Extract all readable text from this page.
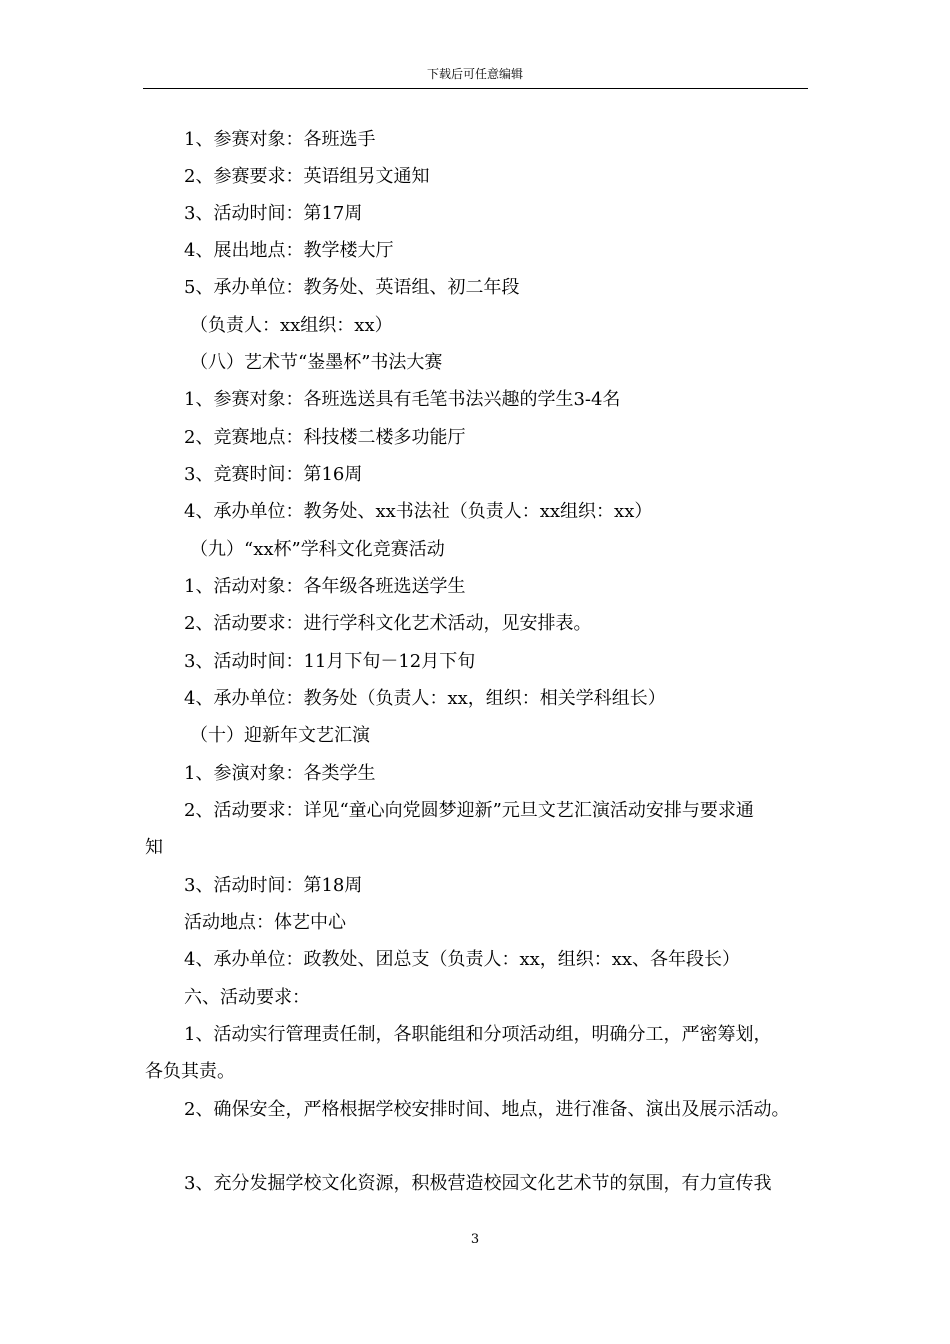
下载后可任意编辑
1、参赛对象：各班选手
2、参赛要求：英语组另文通知
3、活动时间：第17周
4、展出地点：教学楼大厅
5、承办单位：教务处、英语组、初二年段
（负责人：xx组织：xx）
（八）艺术节“崟墨杯”书法大赛
1、参赛对象：各班选送具有毛笔书法兴趣的学生3-4名
2、竞赛地点：科技楼二楼多功能厅
3、竞赛时间：第16周
4、承办单位：教务处、xx书法社（负责人：xx组织：xx）
（九）“xx杯”学科文化竞赛活动
1、活动对象：各年级各班选送学生
2、活动要求：进行学科文化艺术活动，见安排表。
3、活动时间：11月下旬－12月下旬
4、承办单位：教务处（负责人：xx，组织：相关学科组长）
（十）迎新年文艺汇演
1、参演对象：各类学生
2、活动要求：详见“童心向党圆梦迎新”元旦文艺汇演活动安排与要求通
知
3、活动时间：第18周
活动地点：体艺中心
4、承办单位：政教处、团总支（负责人：xx，组织：xx、各年段长）
六、活动要求：
1、活动实行管理责任制，各职能组和分项活动组，明确分工，严密筹划，
各负其责。
2、确保安全，严格根据学校安排时间、地点，进行准备、演出及展示活动。
3、充分发掘学校文化资源，积极营造校园文化艺术节的氛围，有力宣传我
3
